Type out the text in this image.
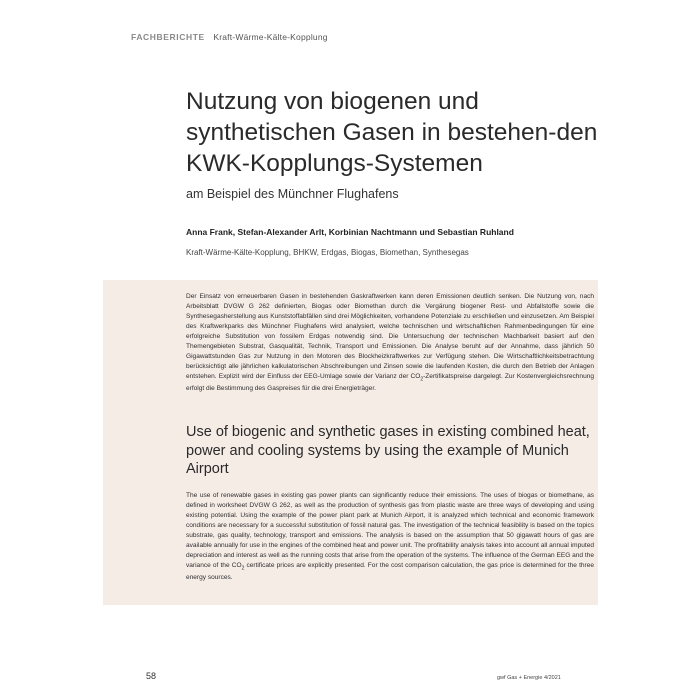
FACHBERICHTE Kraft-Wärme-Kälte-Kopplung
Nutzung von biogenen und synthetischen Gasen in bestehen-den KWK-Kopplungs-Systemen
am Beispiel des Münchner Flughafens
Anna Frank, Stefan-Alexander Arlt, Korbinian Nachtmann und Sebastian Ruhland
Kraft-Wärme-Kälte-Kopplung, BHKW, Erdgas, Biogas, Biomethan, Synthesegas
Der Einsatz von erneuerbaren Gasen in bestehenden Gaskraftwerken kann deren Emissionen deutlich senken. Die Nutzung von, nach Arbeitsblatt DVGW G 262 definierten, Biogas oder Biomethan durch die Vergärung biogener Rest- und Abfallstoffe sowie die Synthesegasherstellung aus Kunststoffabfällen sind drei Möglichkeiten, vorhandene Potenziale zu erschließen und einzusetzen. Am Beispiel des Kraftwerkparks des Münchner Flughafens wird analysiert, welche technischen und wirtschaftlichen Rahmenbedingungen für eine erfolgreiche Substitution von fossilem Erdgas notwendig sind. Die Untersuchung der technischen Machbarkeit basiert auf den Themengebieten Substrat, Gasqualität, Technik, Transport und Emissionen. Die Analyse beruht auf der Annahme, dass jährlich 50 Gigawattstunden Gas zur Nutzung in den Motoren des Blockheizkraftwerkes zur Verfügung stehen. Die Wirtschaftlichkeitsbetrachtung berücksichtigt alle jährlichen kalkulatorischen Abschreibungen und Zinsen sowie die laufenden Kosten, die durch den Betrieb der Anlagen entstehen. Explizit wird der Einfluss der EEG-Umlage sowie der Varianz der $CO_2$-Zertifikatspreise dargelegt. Zur Kostenvergleichsrechnung erfolgt die Bestimmung des Gaspreises für die drei Energieträger.
Use of biogenic and synthetic gases in existing combined heat, power and cooling systems by using the example of Munich Airport
The use of renewable gases in existing gas power plants can significantly reduce their emissions. The uses of biogas or biomethane, as defined in worksheet DVGW G 262, as well as the production of synthesis gas from plastic waste are three ways of developing and using existing potential. Using the example of the power plant park at Munich Airport, it is analyzed which technical and economic framework conditions are necessary for a successful substitution of fossil natural gas. The investigation of the technical feasibility is based on the topics substrate, gas quality, technology, transport and emissions. The analysis is based on the assumption that 50 gigawatt hours of gas are available annually for use in the engines of the combined heat and power unit. The profitability analysis takes into account all annual imputed depreciation and interest as well as the running costs that arise from the operation of the systems. The influence of the German EEG and the variance of the $CO_2$ certificate prices are explicitly presented. For the cost comparison calculation, the gas price is determined for the three energy sources.
58	gwf Gas + Energie 4/2021
